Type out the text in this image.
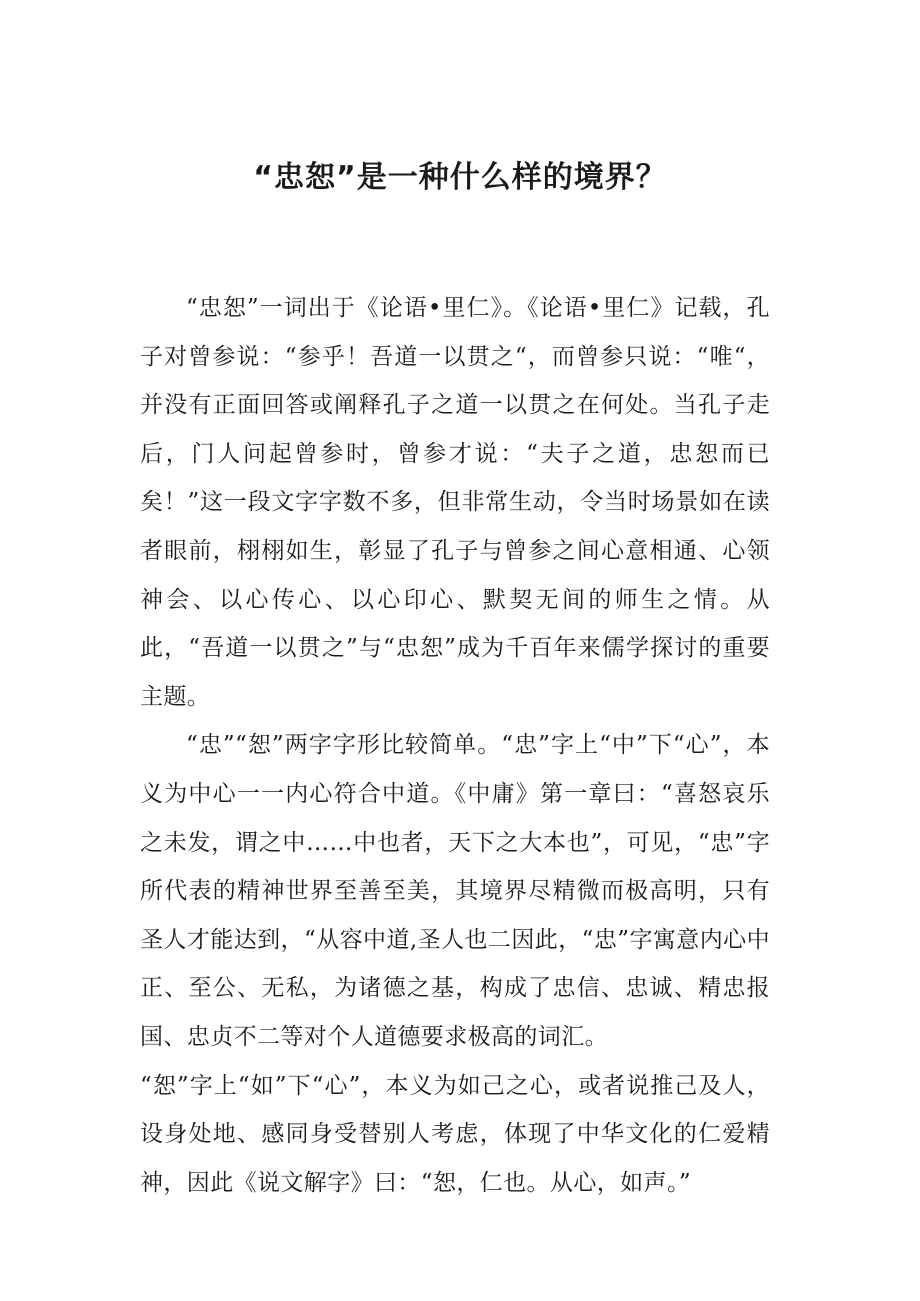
“忠恕”是一种什么样的境界？

“忠恕”一词出于《论语•里仁》。《论语•里仁》记载，孔子对曾参说：“参乎！吾道一以贯之“，而曾参只说：“唯“，并没有正面回答或阐释孔子之道一以贯之在何处。当孔子走后，门人问起曾参时，曾参才说：“夫子之道，忠恕而已矣！”这一段文字字数不多，但非常生动，令当时场景如在读者眼前，栩栩如生，彰显了孔子与曾参之间心意相通、心领神会、以心传心、以心印心、默契无间的师生之情。从此，“吾道一以贯之”与“忠恕”成为千百年来儒学探讨的重要主题。

“忠”“恕”两字字形比较简单。“忠”字上“中”下“心”，本义为中心一一内心符合中道。《中庸》第一章曰：“喜怒哀乐之未发，谓之中……中也者，天下之大本也”，可见，“忠”字所代表的精神世界至善至美，其境界尽精微而极高明，只有圣人才能达到，“从容中道,圣人也二因此，“忠”字寓意内心中正、至公、无私，为诸德之基，构成了忠信、忠诚、精忠报国、忠贞不二等对个人道德要求极高的词汇。

“恕”字上“如”下“心”，本义为如己之心，或者说推己及人，设身处地、感同身受替别人考虑，体现了中华文化的仁爱精神，因此《说文解字》曰：“恕，仁也。从心，如声。”
